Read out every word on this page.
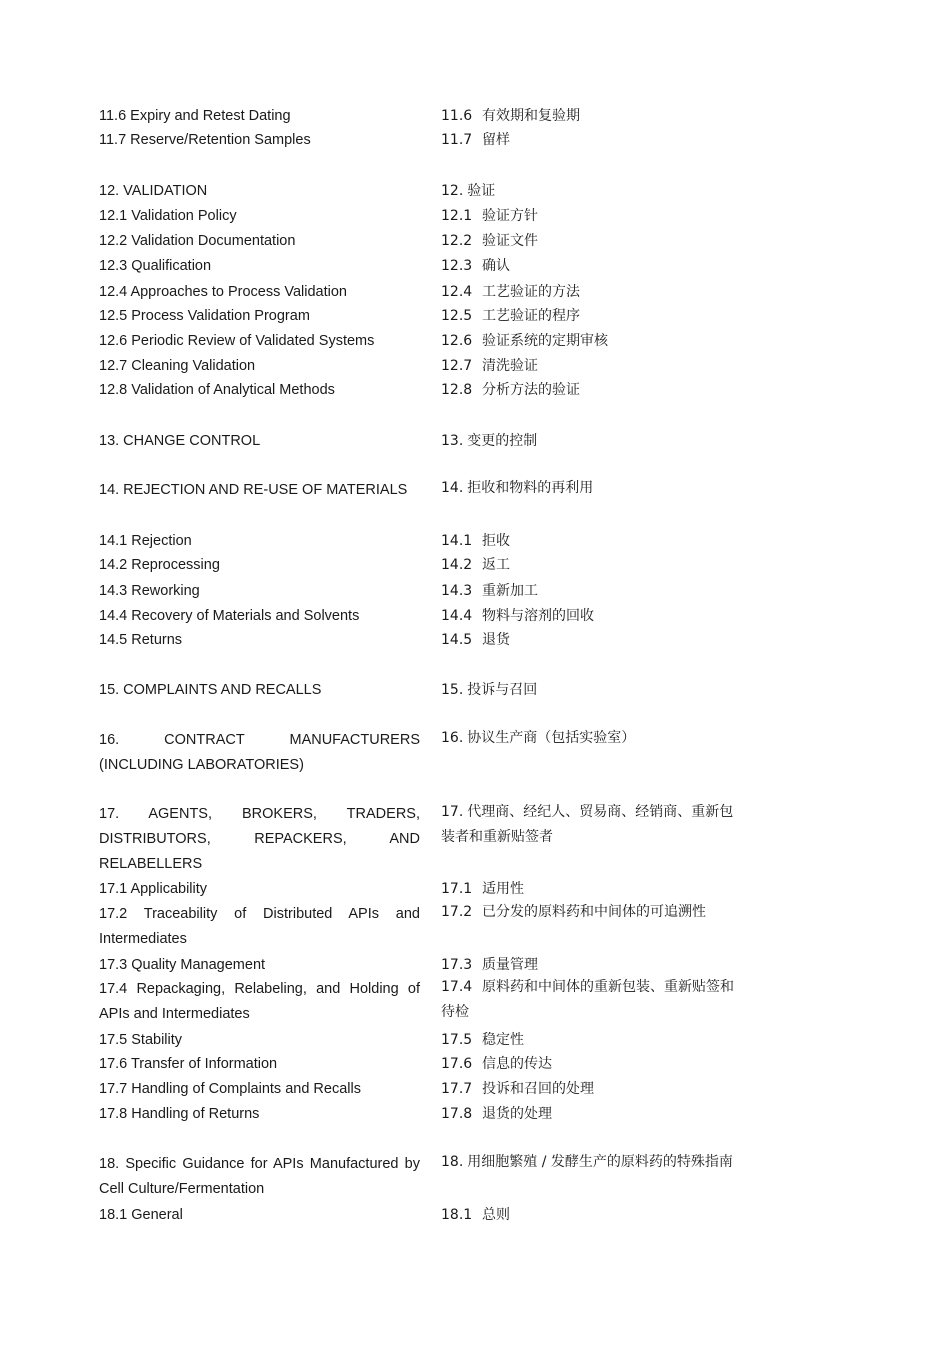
11.6 Expiry and Retest Dating
11.7 Reserve/Retention Samples
12. VALIDATION
12.1 Validation Policy
12.2 Validation Documentation
12.3 Qualification
12.4 Approaches to Process Validation
12.5 Process Validation Program
12.6 Periodic Review of Validated Systems
12.7 Cleaning Validation
12.8 Validation of Analytical Methods
13. CHANGE CONTROL
14. REJECTION AND RE-USE OF MATERIALS
14.1 Rejection
14.2 Reprocessing
14.3 Reworking
14.4 Recovery of Materials and Solvents
14.5 Returns
15. COMPLAINTS AND RECALLS
16. CONTRACT MANUFACTURERS (INCLUDING LABORATORIES)
17. AGENTS, BROKERS, TRADERS, DISTRIBUTORS, REPACKERS, AND RELABELLERS
17.1 Applicability
17.2 Traceability of Distributed APIs and Intermediates
17.3 Quality Management
17.4 Repackaging, Relabeling, and Holding of APIs and Intermediates
17.5 Stability
17.6 Transfer of Information
17.7 Handling of Complaints and Recalls
17.8 Handling of Returns
18. Specific Guidance for APIs Manufactured by Cell Culture/Fermentation
18.1 General
11.6 有效期和复验期
11.7 留样
12. 验证
12.1 验证方针
12.2 验证文件
12.3 确认
12.4 工艺验证的方法
12.5 工艺验证的程序
12.6 验证系统的定期审核
12.7 清洗验证
12.8 分析方法的验证
13. 变更的控制
14. 拒收和物料的再利用
14.1 拒收
14.2 返工
14.3 重新加工
14.4 物料与溶剂的回收
14.5 退货
15. 投诉与召回
16. 协议生产商（包括实验室）
17. 代理商、经纪人、贸易商、经销商、重新包装者和重新贴签者
17.1 适用性
17.2 已分发的原料药和中间体的可追溯性
17.3 质量管理
17.4 原料药和中间体的重新包装、重新贴签和待检
17.5 稳定性
17.6 信息的传达
17.7 投诉和召回的处理
17.8 退货的处理
18. 用细胞繁殖 / 发酵生产的原料药的特殊指南
18.1 总则
